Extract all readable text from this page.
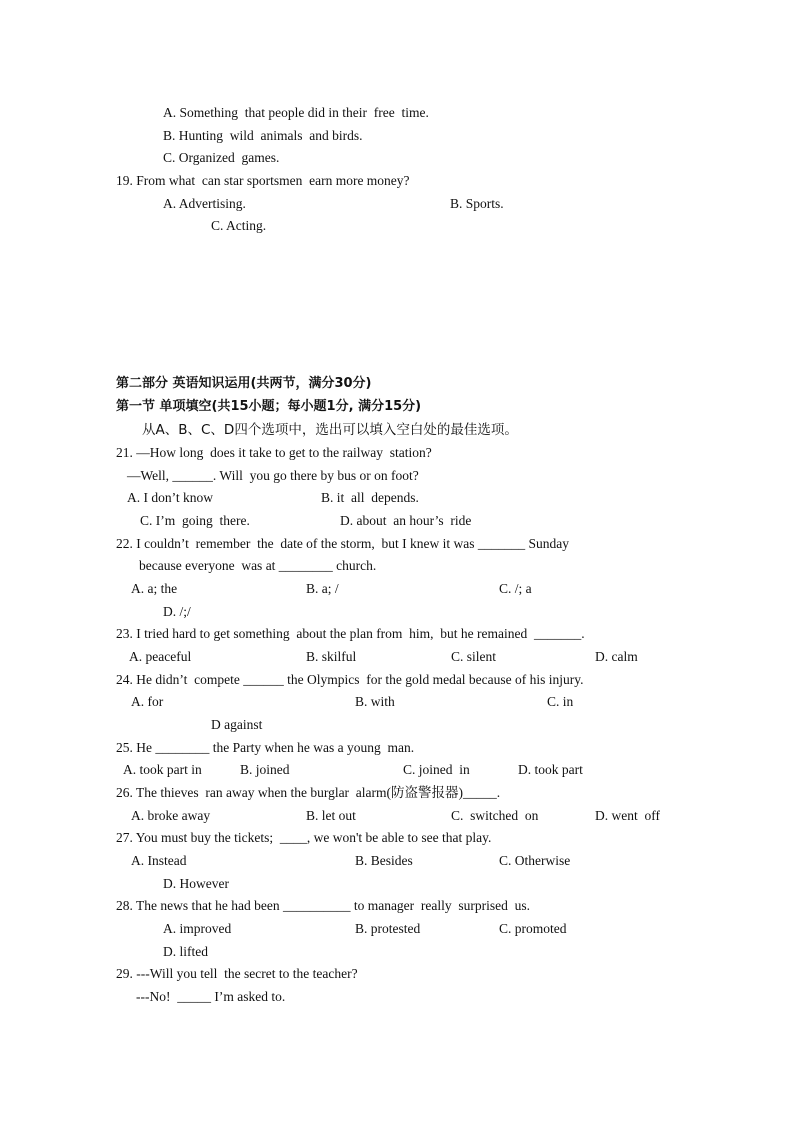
A. Something  that people did in their  free  time.
B. Hunting  wild  animals  and birds.
C. Organized  games.
19. From what  can star sportsmen  earn more money?
A. Advertising.	B. Sports.
C. Acting.
第二部分 英语知识运用(共两节，满分30分)
第一节 单项填空(共15小题；每小题1分, 满分15分)
从A、B、C、D四个选项中，选出可以填入空白处的最佳选项。
21. —How long  does it take to get to the railway  station?
—Well, ______. Will  you go there by bus or on foot?
A. I don’t know	B. it  all  depends.
C. I’m  going  there.	D. about  an hour’s  ride
22. I couldn’t  remember  the  date of the storm,  but I knew it was _______ Sunday
because everyone  was at ________ church.
A. a; the	B. a; /	C. /; a
D. /;/
23. I tried hard to get something  about the plan from  him,  but he remained  _______.
A. peaceful	B. skilful	C. silent	D. calm
24. He didn’t  compete ______ the Olympics  for the gold medal because of his injury.
A. for	B. with	C. in
D against
25. He ________ the Party when he was a young  man.
A. took part in	B. joined	C. joined  in	D. took part
26. The thieves  ran away when the burglar  alarm(防盗警报器)_____.
A. broke away	B. let out	C.  switched  on	D. went  off
27. You must buy the tickets;  ____, we won't be able to see that play.
A. Instead	B. Besides	C. Otherwise
D. However
28. The news that he had been __________ to manager  really  surprised  us.
A. improved	B. protested	C. promoted
D. lifted
29. ---Will you tell  the secret to the teacher?
---No!  _____ I’m asked to.
